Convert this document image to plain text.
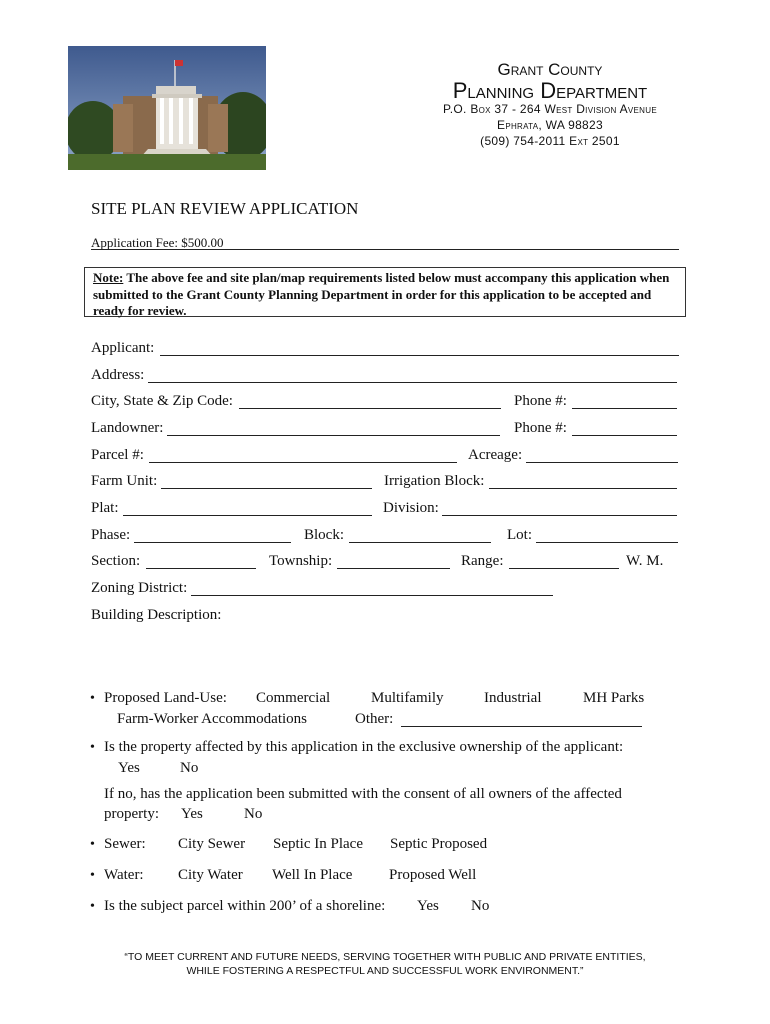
Grant County
Planning Department
P.O. Box 37 - 264 West Division Avenue
Ephrata, WA 98823
(509) 754-2011 Ext 2501
SITE PLAN REVIEW APPLICATION
Application Fee: $500.00
Note: The above fee and site plan/map requirements listed below must accompany this application when submitted to the Grant County Planning Department in order for this application to be accepted and ready for review.
Applicant:
Address:
City, State & Zip Code:	Phone #:
Landowner:	Phone #:
Parcel #:	Acreage:
Farm Unit:	Irrigation Block:
Plat:	Division:
Phase:	Block:	Lot:
Section:	Township:	Range:	W. M.
Zoning District:
Building Description:
• Proposed Land-Use: Commercial	Multifamily	Industrial	MH Parks
Farm-Worker Accommodations	Other:
• Is the property affected by this application in the exclusive ownership of the applicant:
Yes	No
If no, has the application been submitted with the consent of all owners of the affected
property: Yes	No
• Sewer: City Sewer Septic In Place Septic Proposed
• Water: City Water Well In Place Proposed Well
• Is the subject parcel within 200’ of a shoreline: Yes No
“TO MEET CURRENT AND FUTURE NEEDS, SERVING TOGETHER WITH PUBLIC AND PRIVATE ENTITIES,
WHILE FOSTERING A RESPECTFUL AND SUCCESSFUL WORK ENVIRONMENT.”
